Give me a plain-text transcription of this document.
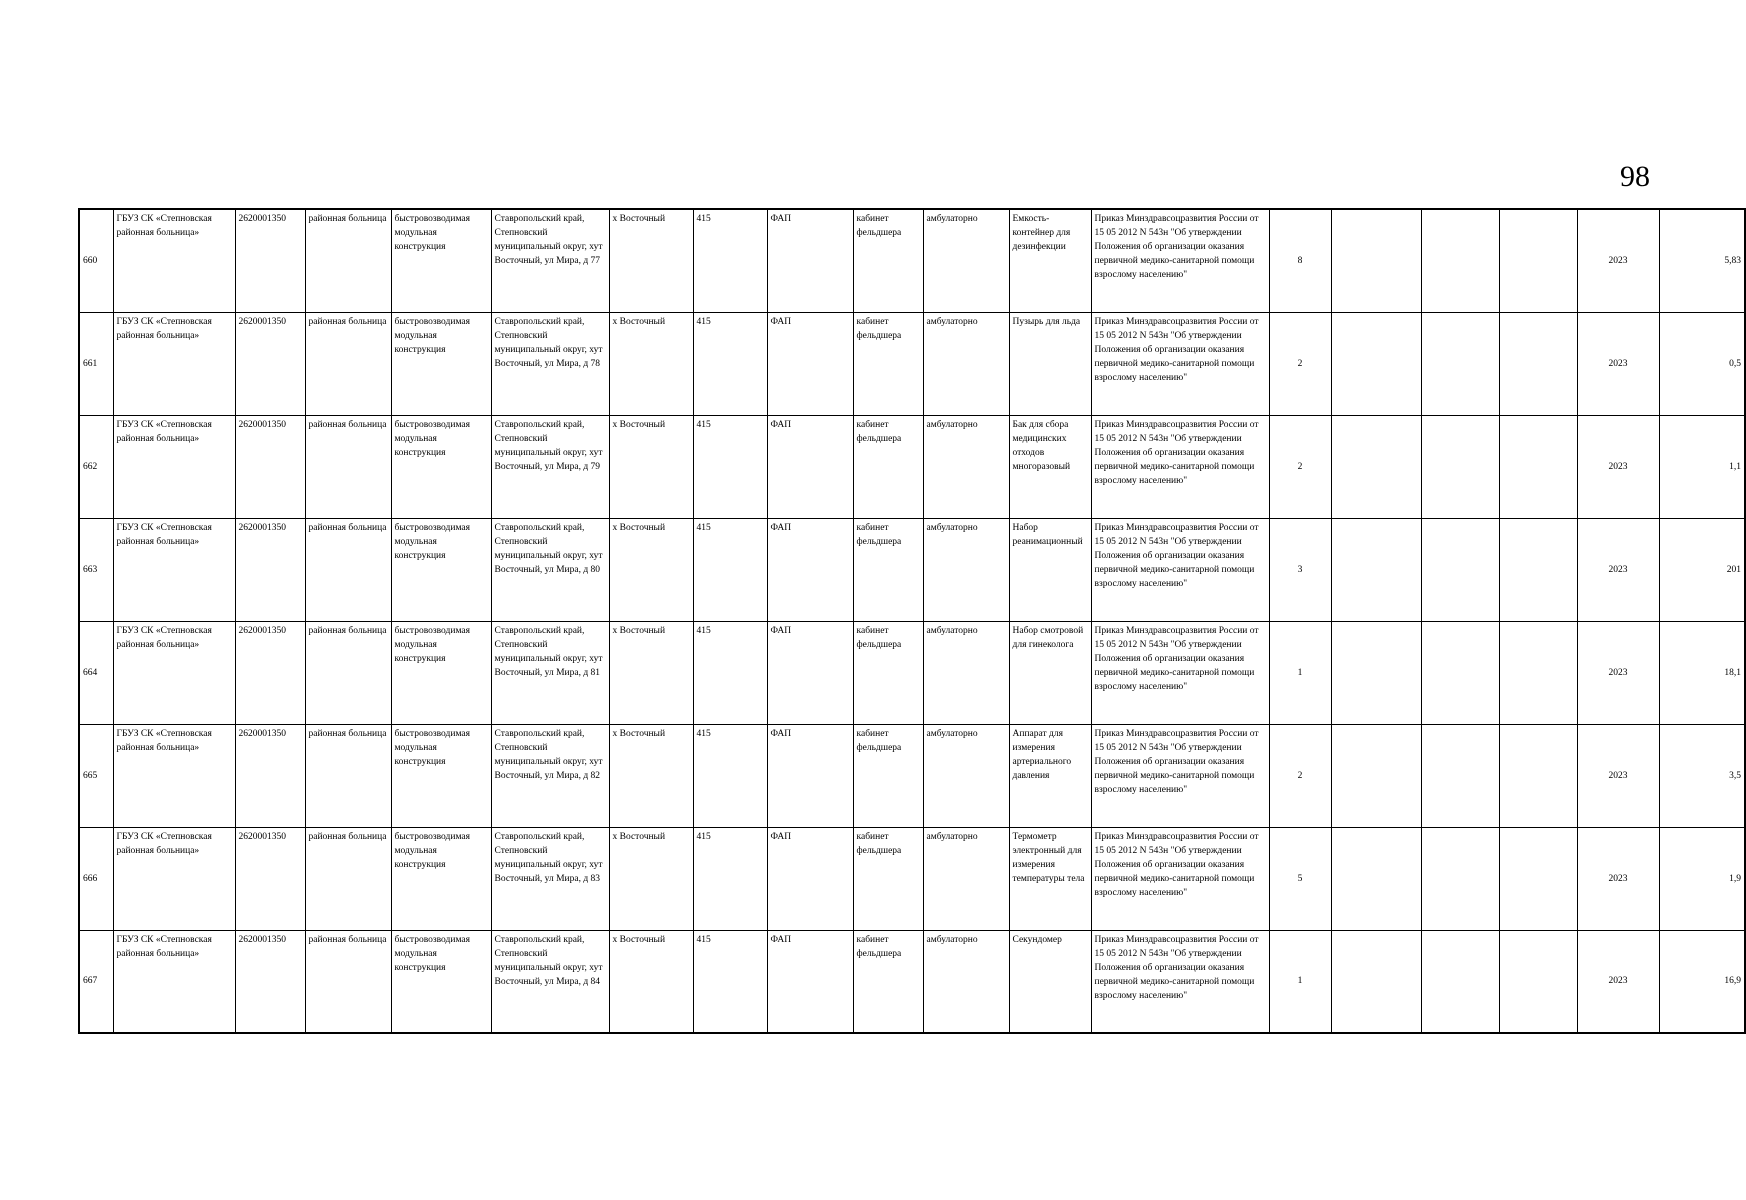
98
660	ГБУЗ СК «Степновская районная больница»	2620001350	районная больница	быстровозводимая модульная конструкция	Ставропольский край, Степновский муниципальный округ, хут Восточный, ул Мира, д 77	х Восточный	415	ФАП	кабинет фельдшера	амбулаторно	Емкость-контейнер для дезинфекции	Приказ Минздравсоцразвития России от 15 05 2012 N 543н "Об утверждении Положения об организации оказания первичной медико-санитарной помощи взрослому населению"	8				2023	5,83
661	ГБУЗ СК «Степновская районная больница»	2620001350	районная больница	быстровозводимая модульная конструкция	Ставропольский край, Степновский муниципальный округ, хут Восточный, ул Мира, д 78	х Восточный	415	ФАП	кабинет фельдшера	амбулаторно	Пузырь для льда	Приказ Минздравсоцразвития России от 15 05 2012 N 543н "Об утверждении Положения об организации оказания первичной медико-санитарной помощи взрослому населению"	2				2023	0,5
662	ГБУЗ СК «Степновская районная больница»	2620001350	районная больница	быстровозводимая модульная конструкция	Ставропольский край, Степновский муниципальный округ, хут Восточный, ул Мира, д 79	х Восточный	415	ФАП	кабинет фельдшера	амбулаторно	Бак для сбора медицинских отходов многоразовый	Приказ Минздравсоцразвития России от 15 05 2012 N 543н "Об утверждении Положения об организации оказания первичной медико-санитарной помощи взрослому населению"	2				2023	1,1
663	ГБУЗ СК «Степновская районная больница»	2620001350	районная больница	быстровозводимая модульная конструкция	Ставропольский край, Степновский муниципальный округ, хут Восточный, ул Мира, д 80	х Восточный	415	ФАП	кабинет фельдшера	амбулаторно	Набор реанимационный	Приказ Минздравсоцразвития России от 15 05 2012 N 543н "Об утверждении Положения об организации оказания первичной медико-санитарной помощи взрослому населению"	3				2023	201
664	ГБУЗ СК «Степновская районная больница»	2620001350	районная больница	быстровозводимая модульная конструкция	Ставропольский край, Степновский муниципальный округ, хут Восточный, ул Мира, д 81	х Восточный	415	ФАП	кабинет фельдшера	амбулаторно	Набор смотровой для гинеколога	Приказ Минздравсоцразвития России от 15 05 2012 N 543н "Об утверждении Положения об организации оказания первичной медико-санитарной помощи взрослому населению"	1				2023	18,1
665	ГБУЗ СК «Степновская районная больница»	2620001350	районная больница	быстровозводимая модульная конструкция	Ставропольский край, Степновский муниципальный округ, хут Восточный, ул Мира, д 82	х Восточный	415	ФАП	кабинет фельдшера	амбулаторно	Аппарат для измерения артериального давления	Приказ Минздравсоцразвития России от 15 05 2012 N 543н "Об утверждении Положения об организации оказания первичной медико-санитарной помощи взрослому населению"	2				2023	3,5
666	ГБУЗ СК «Степновская районная больница»	2620001350	районная больница	быстровозводимая модульная конструкция	Ставропольский край, Степновский муниципальный округ, хут Восточный, ул Мира, д 83	х Восточный	415	ФАП	кабинет фельдшера	амбулаторно	Термометр электронный для измерения температуры тела	Приказ Минздравсоцразвития России от 15 05 2012 N 543н "Об утверждении Положения об организации оказания первичной медико-санитарной помощи взрослому населению"	5				2023	1,9
667	ГБУЗ СК «Степновская районная больница»	2620001350	районная больница	быстровозводимая модульная конструкция	Ставропольский край, Степновский муниципальный округ, хут Восточный, ул Мира, д 84	х Восточный	415	ФАП	кабинет фельдшера	амбулаторно	Секундомер	Приказ Минздравсоцразвития России от 15 05 2012 N 543н "Об утверждении Положения об организации оказания первичной медико-санитарной помощи взрослому населению"	1				2023	16,9
